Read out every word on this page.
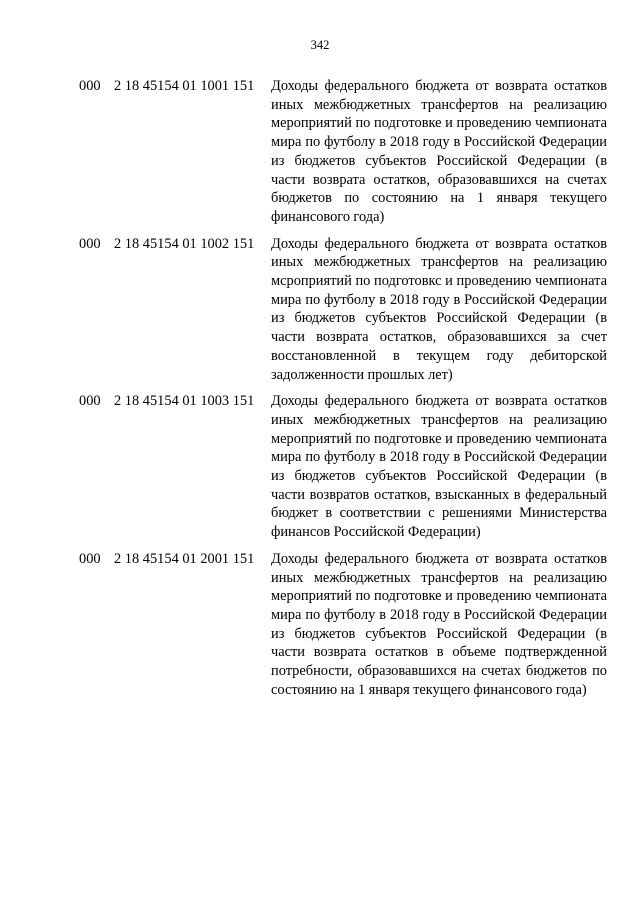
342
000 2 18 45154 01 1001 151 Доходы федерального бюджета от возврата остатков иных межбюджетных трансфертов на реализацию мероприятий по подготовке и проведению чемпионата мира по футболу в 2018 году в Российской Федерации из бюджетов субъектов Российской Федерации (в части возврата остатков, образовавшихся на счетах бюджетов по состоянию на 1 января текущего финансового года)
000 2 18 45154 01 1002 151 Доходы федерального бюджета от возврата остатков иных межбюджетных трансфертов на реализацию мсроприятий по подготовкс и проведению чемпионата мира по футболу в 2018 году в Российской Федерации из бюджетов субъектов Российской Федерации (в части возврата остатков, образовавшихся за счет восстановленной в текущем году дебиторской задолженности прошлых лет)
000 2 18 45154 01 1003 151 Доходы федерального бюджета от возврата остатков иных межбюджетных трансфертов на реализацию мероприятий по подготовке и проведению чемпионата мира по футболу в 2018 году в Российской Федерации из бюджетов субъектов Российской Федерации (в части возвратов остатков, взысканных в федеральный бюджет в соответствии с решениями Министерства финансов Российской Федерации)
000 2 18 45154 01 2001 151 Доходы федерального бюджета от возврата остатков иных межбюджетных трансфертов на реализацию мероприятий по подготовке и проведению чемпионата мира по футболу в 2018 году в Российской Федерации из бюджетов субъектов Российской Федерации (в части возврата остатков в объеме подтвержденной потребности, образовавшихся на счетах бюджетов по состоянию на 1 января текущего финансового года)
